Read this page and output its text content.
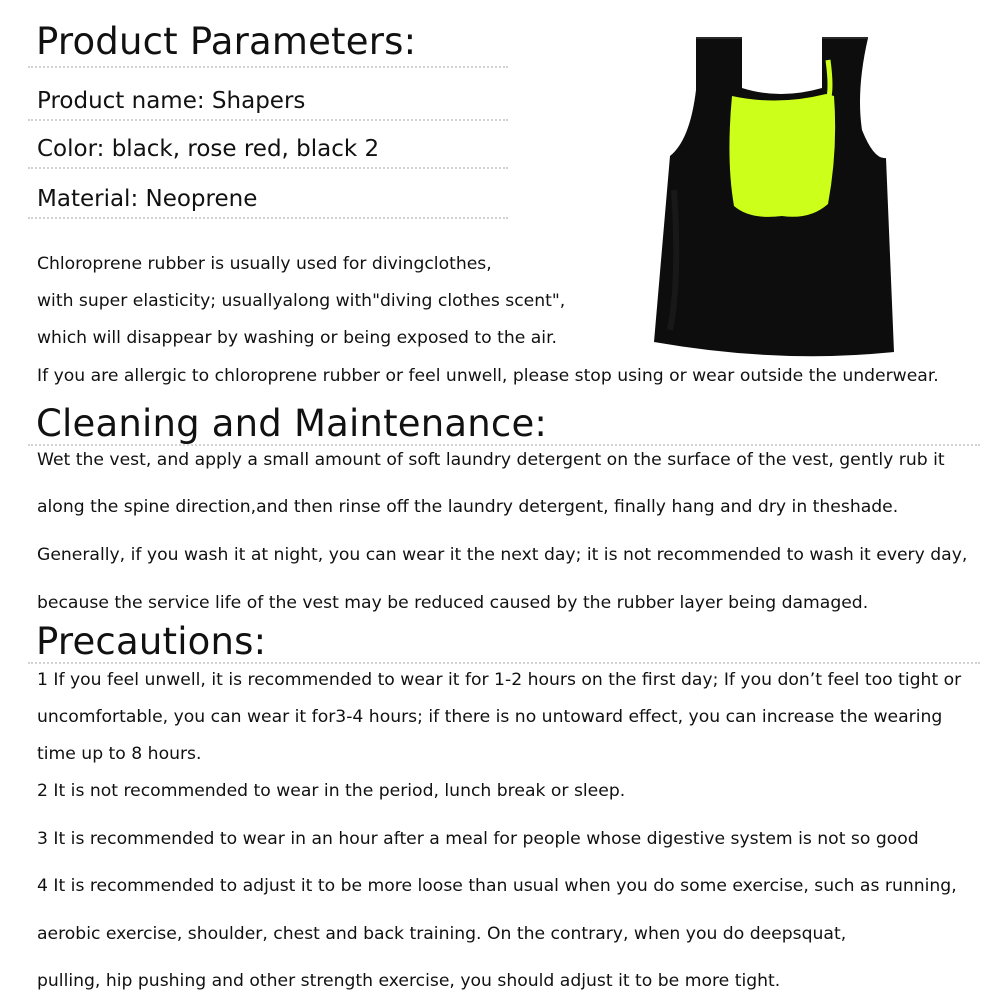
Product Parameters:
Product name: Shapers
Color: black, rose red, black 2
Material: Neoprene
Chloroprene rubber is usually used for divingclothes,
with super elasticity; usuallyalong with"diving clothes scent",
which will disappear by washing or being exposed to the air.
If you are allergic to chloroprene rubber or feel unwell, please stop using or wear outside the underwear.
Cleaning and Maintenance:
Wet the vest, and apply a small amount of soft laundry detergent on the surface of the vest, gently rub it
along the spine direction,and then rinse off the laundry detergent, finally hang and dry in theshade.
Generally, if you wash it at night, you can wear it the next day; it is not recommended to wash it every day,
because the service life of the vest may be reduced caused by the rubber layer being damaged.
Precautions:
1 If you feel unwell, it is recommended to wear it for 1-2 hours on the first day; If you don’t feel too tight or
uncomfortable, you can wear it for3-4 hours; if there is no untoward effect, you can increase the wearing
time up to 8 hours.
2 It is not recommended to wear in the period, lunch break or sleep.
3 It is recommended to wear in an hour after a meal for people whose digestive system is not so good
4 It is recommended to adjust it to be more loose than usual when you do some exercise, such as running,
aerobic exercise, shoulder, chest and back training. On the contrary, when you do deepsquat,
pulling, hip pushing and other strength exercise, you should adjust it to be more tight.
